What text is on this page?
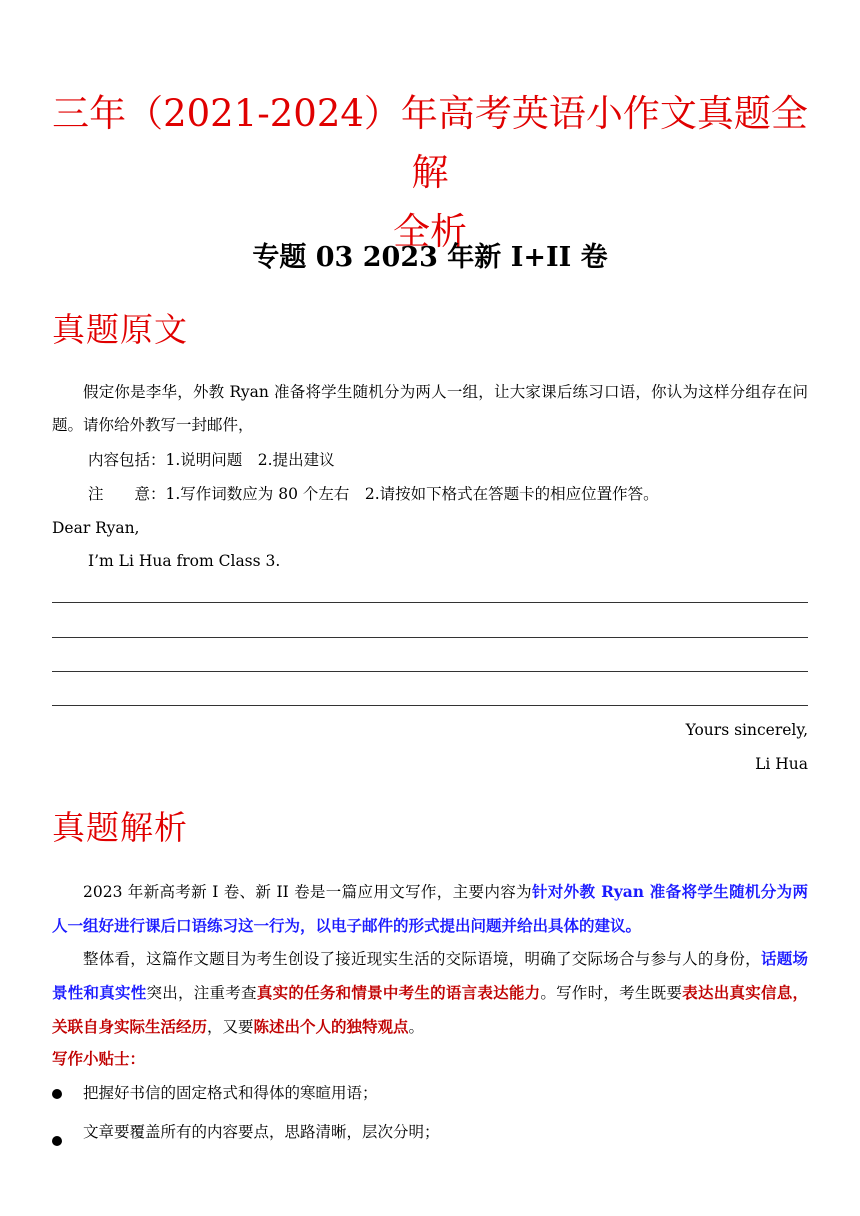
三年（2021-2024）年高考英语小作文真题全解
全析
专题 03 2023 年新 I+II 卷
真题原文
假定你是李华，外教 Ryan 准备将学生随机分为两人一组，让大家课后练习口语，你认为这样分组存在问题。请你给外教写一封邮件，
内容包括：1.说明问题　2.提出建议
注　　意：1.写作词数应为 80 个左右　2.请按如下格式在答题卡的相应位置作答。
Dear Ryan,
I’m Li Hua from Class 3.
Yours sincerely,
Li Hua
真题解析
2023 年新高考新 I 卷、新 II 卷是一篇应用文写作，主要内容为针对外教 Ryan 准备将学生随机分为两人一组好进行课后口语练习这一行为，以电子邮件的形式提出问题并给出具体的建议。
整体看，这篇作文题目为考生创设了接近现实生活的交际语境，明确了交际场合与参与人的身份，话题场景性和真实性突出，注重考查真实的任务和情景中考生的语言表达能力。写作时，考生既要表达出真实信息，关联自身实际生活经历，又要陈述出个人的独特观点。
写作小贴士：
把握好书信的固定格式和得体的寒暄用语；
文章要覆盖所有的内容要点，思路清晰，层次分明；
